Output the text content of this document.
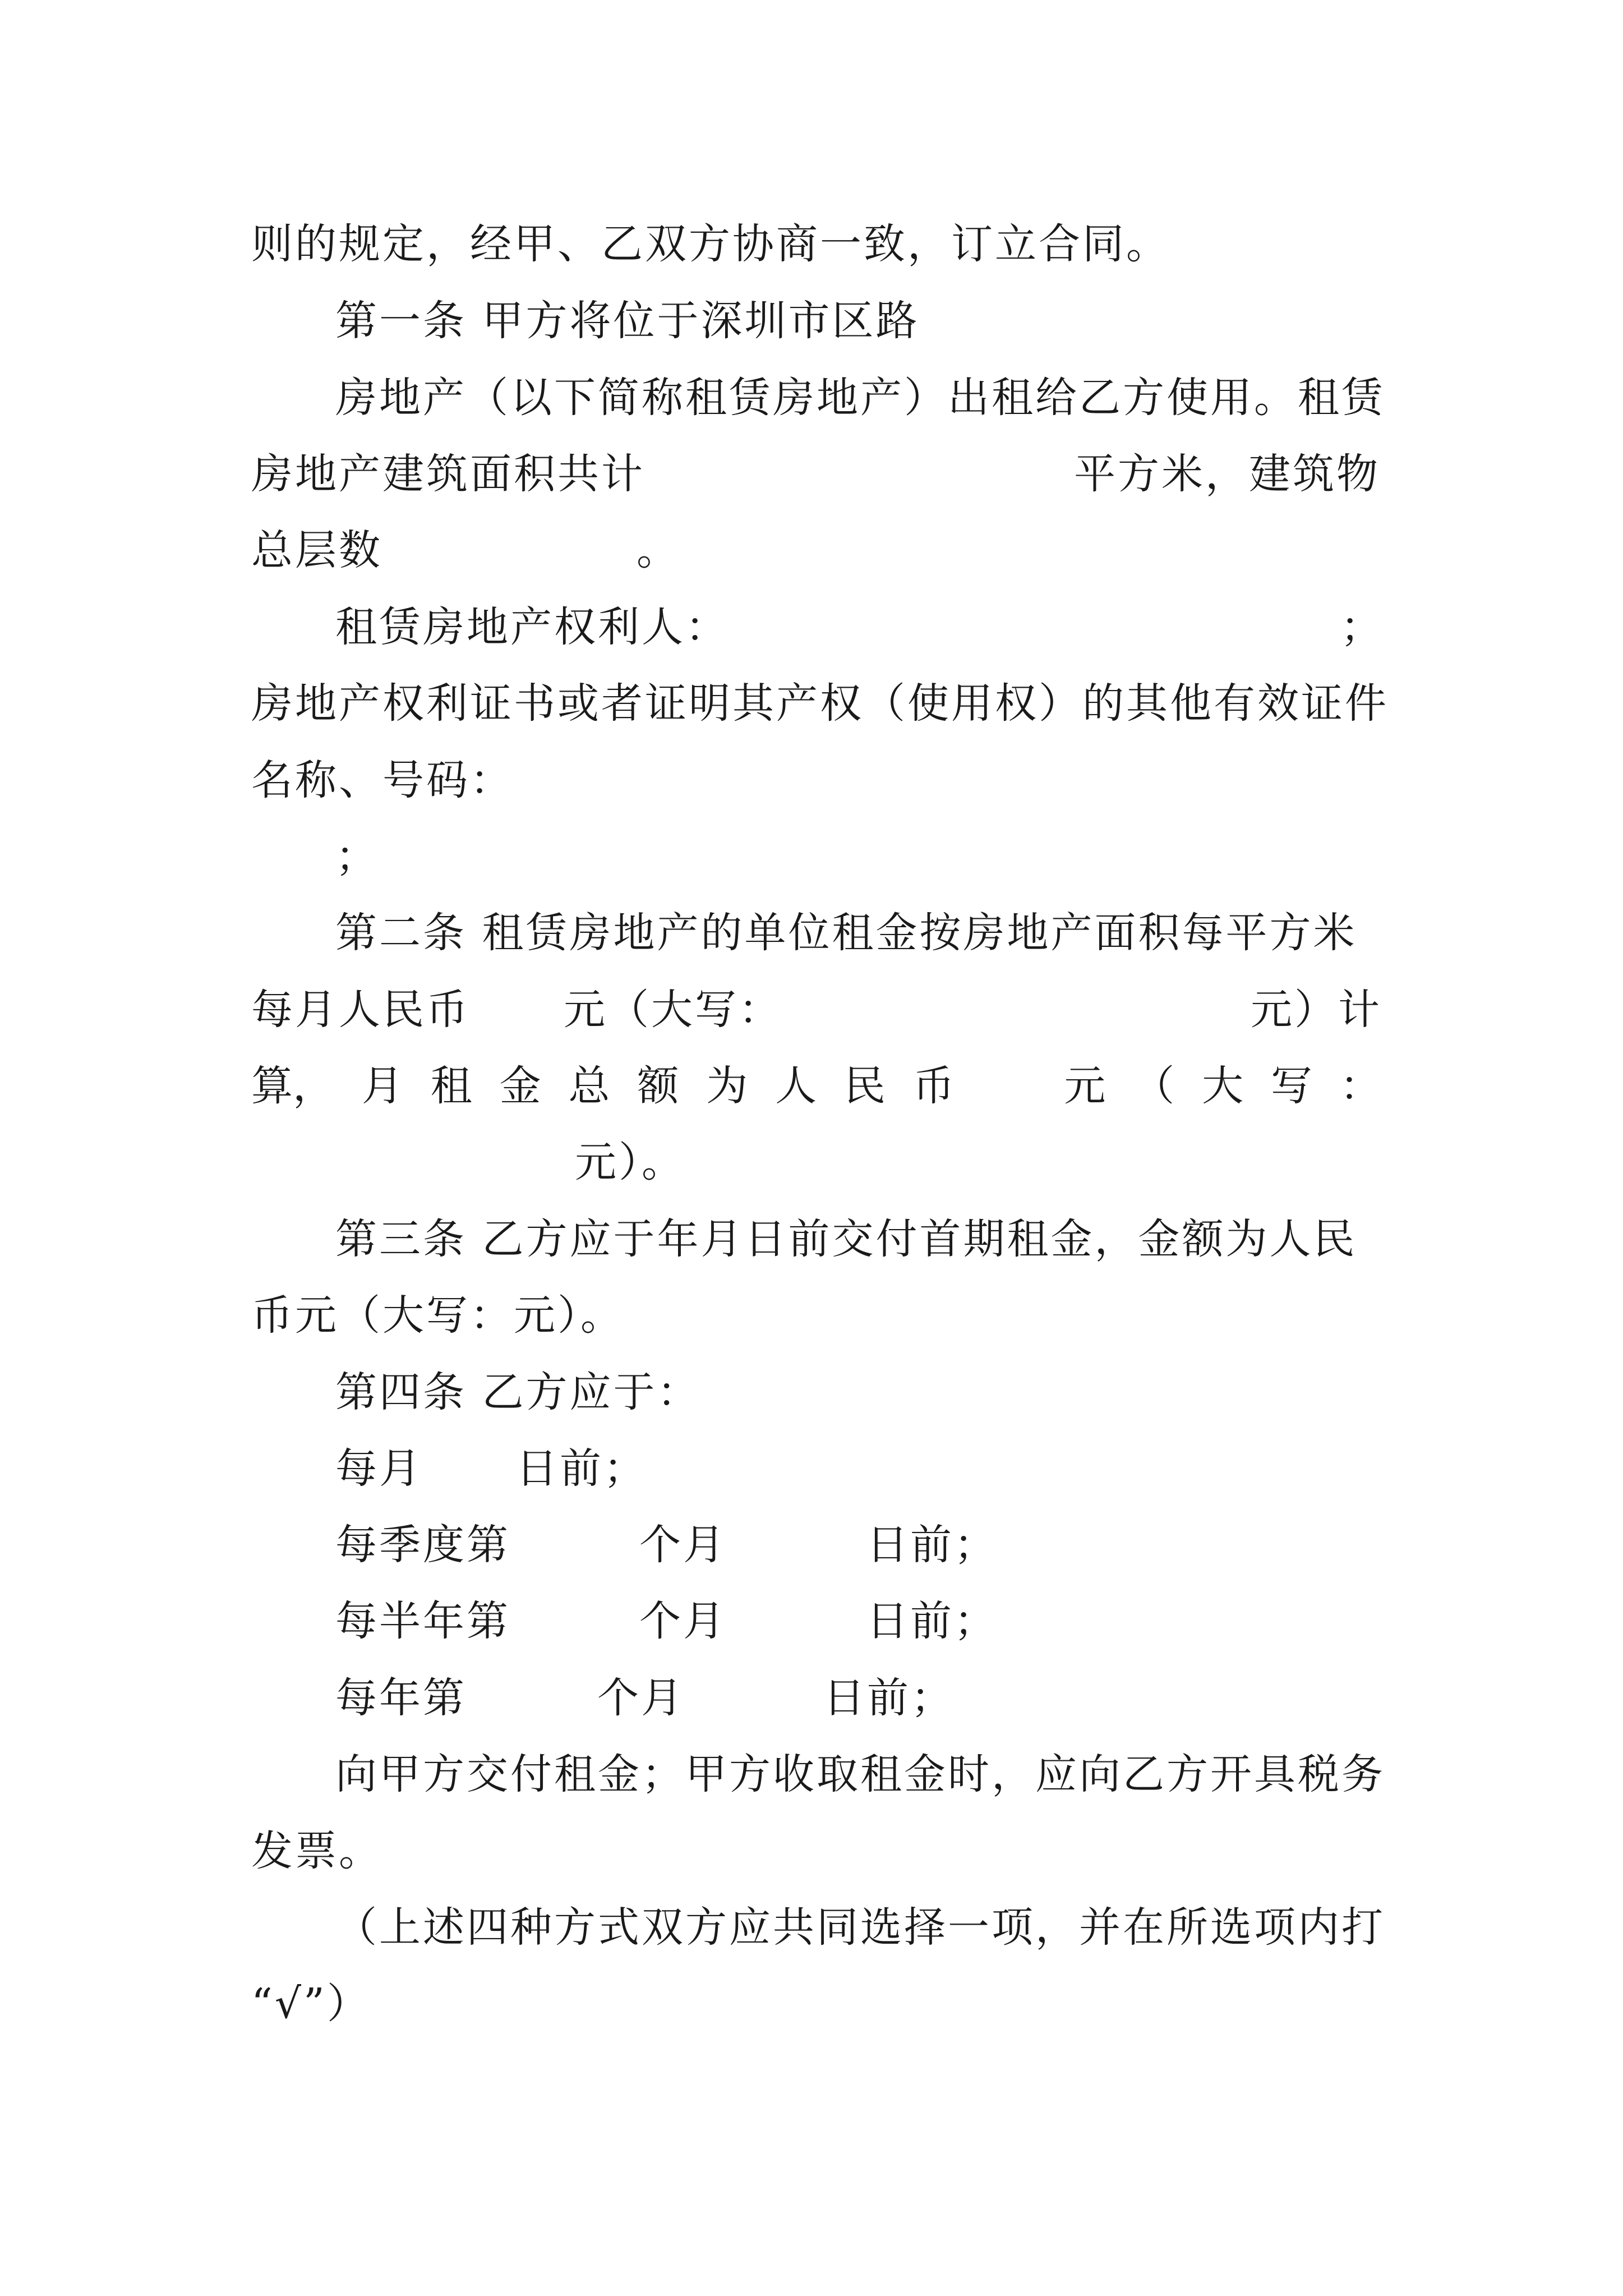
则的规定，经甲、乙双方协商一致，订立合同。
第一条 甲方将位于深圳市区路
房地产（以下简称租赁房地产）出租给乙方使用。租赁
房地产建筑面积共计	平方米，建筑物
总层数	。
租赁房地产权利人：	；
房地产权利证书或者证明其产权（使用权）的其他有效证件
名称、号码：
；
第二条 租赁房地产的单位租金按房地产面积每平方米
每月人民币 元（大写：	元）计
算， 月 租 金 总 额 为 人 民 币	元 （ 大 写 ：
元）。
第三条 乙方应于年月日前交付首期租金，金额为人民
币元（大写：元）。
第四条 乙方应于：
每月 日前；
每季度第	个月	日前；
每半年第	个月	日前；
每年第	个月	日前；
向甲方交付租金；甲方收取租金时，应向乙方开具税务
发票。
（上述四种方式双方应共同选择一项，并在所选项内打
“√”）
